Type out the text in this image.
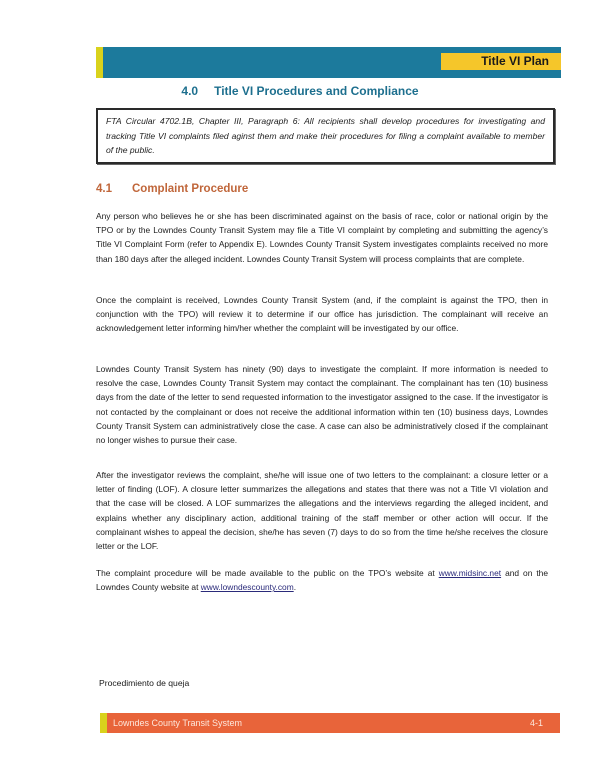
Title VI Plan
4.0 Title VI Procedures and Compliance
FTA Circular 4702.1B, Chapter III, Paragraph 6: All recipients shall develop procedures for investigating and tracking Title VI complaints filed aginst them and make their procedures for filing a complaint available to member of the public.
4.1 Complaint Procedure
Any person who believes he or she has been discriminated against on the basis of race, color or national origin by the TPO or by the Lowndes County Transit System may file a Title VI complaint by completing and submitting the agency’s Title VI Complaint Form (refer to Appendix E). Lowndes County Transit System investigates complaints received no more than 180 days after the alleged incident. Lowndes County Transit System will process complaints that are complete.
Once the complaint is received, Lowndes County Transit System (and, if the complaint is against the TPO, then in conjunction with the TPO) will review it to determine if our office has jurisdiction. The complainant will receive an acknowledgement letter informing him/her whether the complaint will be investigated by our office.
Lowndes County Transit System has ninety (90) days to investigate the complaint. If more information is needed to resolve the case, Lowndes County Transit System may contact the complainant. The complainant has ten (10) business days from the date of the letter to send requested information to the investigator assigned to the case. If the investigator is not contacted by the complainant or does not receive the additional information within ten (10) business days, Lowndes County Transit System can administratively close the case. A case can also be administratively closed if the complainant no longer wishes to pursue their case.
After the investigator reviews the complaint, she/he will issue one of two letters to the complainant: a closure letter or a letter of finding (LOF). A closure letter summarizes the allegations and states that there was not a Title VI violation and that the case will be closed. A LOF summarizes the allegations and the interviews regarding the alleged incident, and explains whether any disciplinary action, additional training of the staff member or other action will occur. If the complainant wishes to appeal the decision, she/he has seven (7) days to do so from the time he/she receives the closure letter or the LOF.
The complaint procedure will be made available to the public on the TPO’s website at www.midsinc.net and on the Lowndes County website at www.lowndescounty.com.
Procedimiento de queja
Lowndes County Transit System	4-1
